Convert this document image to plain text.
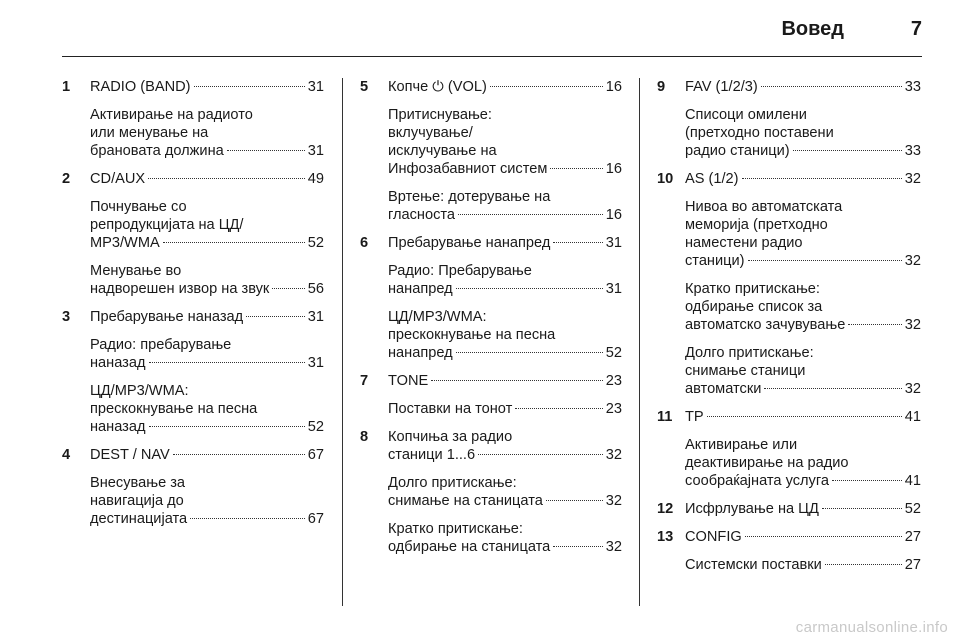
Вовед	7
1 RADIO (BAND)	31
Активирање на радиото
или менување на
брановата должина	31
2 CD/AUX	49
Почнување со
репродукцијата на ЦД/
MP3/WMA	52
Менување во
надворешен извор на звук	56
3 Пребарување наназад	31
Радио: пребарување
наназад	31
ЦД/MP3/WMA:
прескокнување на песна
наназад	52
4 DEST / NAV	67
Внесување за
навигација до
дестинацијата	67
5 Копче ⏻ (VOL)	16
Притиснување:
вклучување/
исклучување на
Инфозабавниот систем	16
Вртење: дотерување на
гласноста	16
6 Пребарување нанапред	31
Радио: Пребарување
нанапред	31
ЦД/MP3/WMA:
прескокнување на песна
нанапред	52
7 TONE	23
Поставки на тонот	23
8 Копчиња за радио
станици 1...6	32
Долго притискање:
снимање на станицата	32
Кратко притискање:
одбирање на станицата	32
9 FAV (1/2/3)	33
Списоци омилени
(претходно поставени
радио станици)	33
10 AS (1/2)	32
Нивоа во автоматската
меморија (претходно
наместени радио
станици)	32
Кратко притискање:
одбирање список за
автоматско зачувување	32
Долго притискање:
снимање станици
автоматски	32
11 TP	41
Активирање или
деактивирање на радио
сообраќајната услуга	41
12 Исфрлување на ЦД	52
13 CONFIG	27
Системски поставки	27
carmanualsonline.info
